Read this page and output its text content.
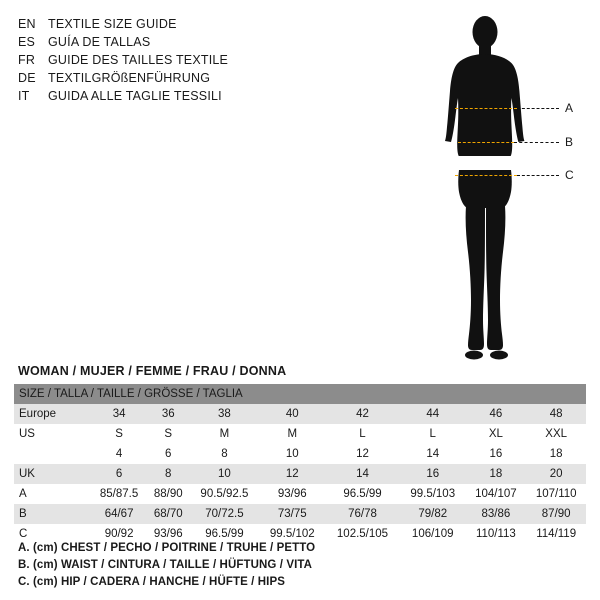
EN TEXTILE SIZE GUIDE
ES	GUÍA DE TALLAS
FR	GUIDE DES TAILLES TEXTILE
DE TEXTILGRÖßENFÜHRUNG
IT	GUIDA ALLE TAGLIE TESSILI
A
B
C
WOMAN / MUJER / FEMME / FRAU / DONNA
SIZE / TALLA / TAILLE / GRÖSSE / TAGLIA								
Europe	34	36	38	40	42	44	46	48
US	S	S	M	M	L	L	XL	XXL
	4	6	8	10	12	14	16	18
UK	6	8	10	12	14	16	18	20
A	85/87.5	88/90	90.5/92.5	93/96	96.5/99	99.5/103	104/107	107/110
B	64/67	68/70	70/72.5	73/75	76/78	79/82	83/86	87/90
C	90/92	93/96	96.5/99	99.5/102	102.5/105	106/109	110/113	114/119
A. (cm) CHEST / PECHO / POITRINE / TRUHE / PETTO
B. (cm) WAIST / CINTURA / TAILLE / HÜFTUNG / VITA
C. (cm) HIP / CADERA / HANCHE / HÜFTE / HIPS
